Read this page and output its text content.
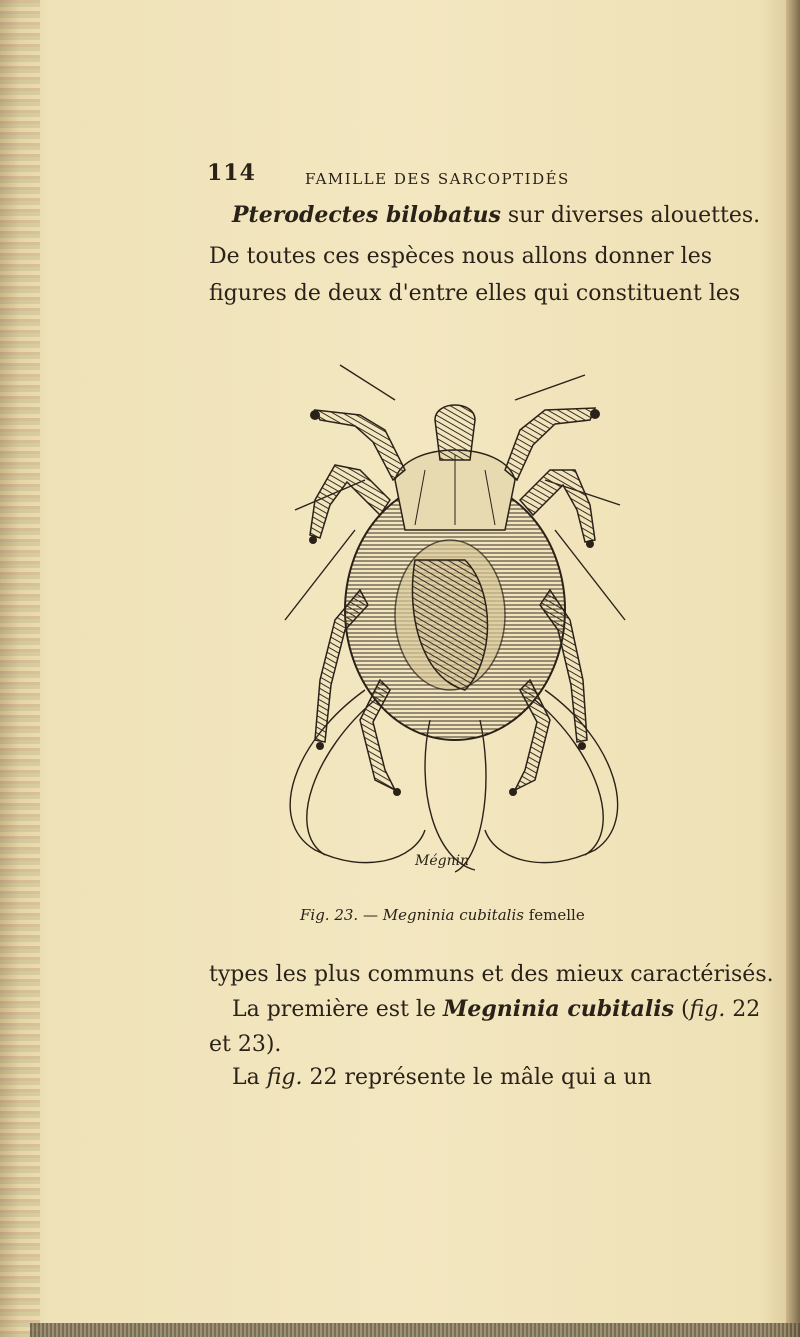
114	FAMILLE DES SARCOPTIDÉS
Pterodectes bilobatus sur diverses alouettes.
De toutes ces espèces nous allons donner les
figures de deux d'entre elles qui constituent les
Mégnin
Fig. 23. — Megninia cubitalis femelle
types les plus communs et des mieux caractérisés.
La première est le Megninia cubitalis (fig. 22
et 23).
La fig. 22 représente le mâle qui a un
